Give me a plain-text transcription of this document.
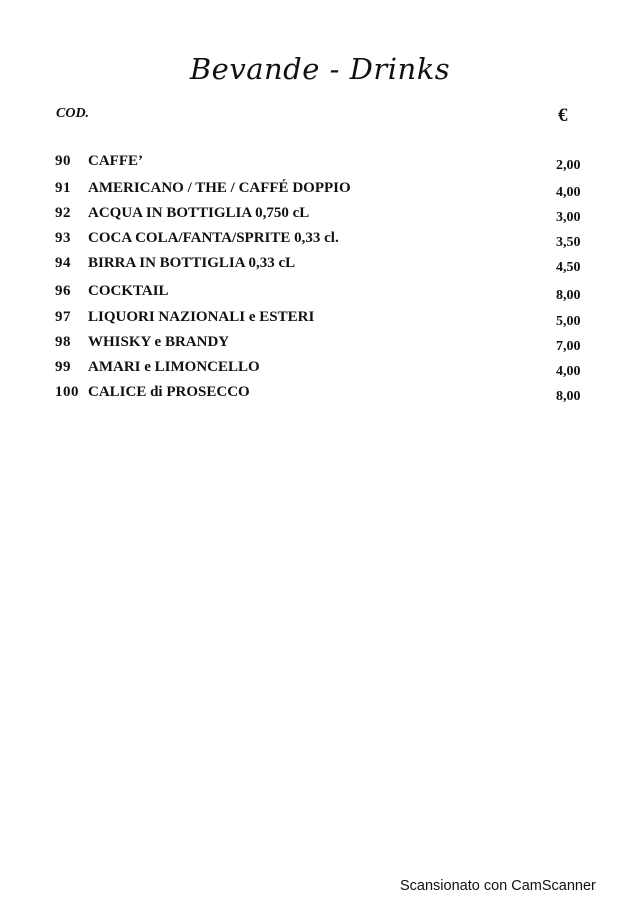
Bevande - Drinks
COD.	€
90 CAFFE’	2,00
91 AMERICANO / THE / CAFFÉ DOPPIO	4,00
92 ACQUA IN BOTTIGLIA 0,750 cL	3,00
93 COCA COLA/FANTA/SPRITE 0,33 cl.	3,50
94 BIRRA IN BOTTIGLIA 0,33 cL	4,50
96 COCKTAIL	8,00
97 LIQUORI NAZIONALI e ESTERI	5,00
98 WHISKY e BRANDY	7,00
99 AMARI e LIMONCELLO	4,00
100 CALICE di PROSECCO	8,00
Scansionato con CamScanner
